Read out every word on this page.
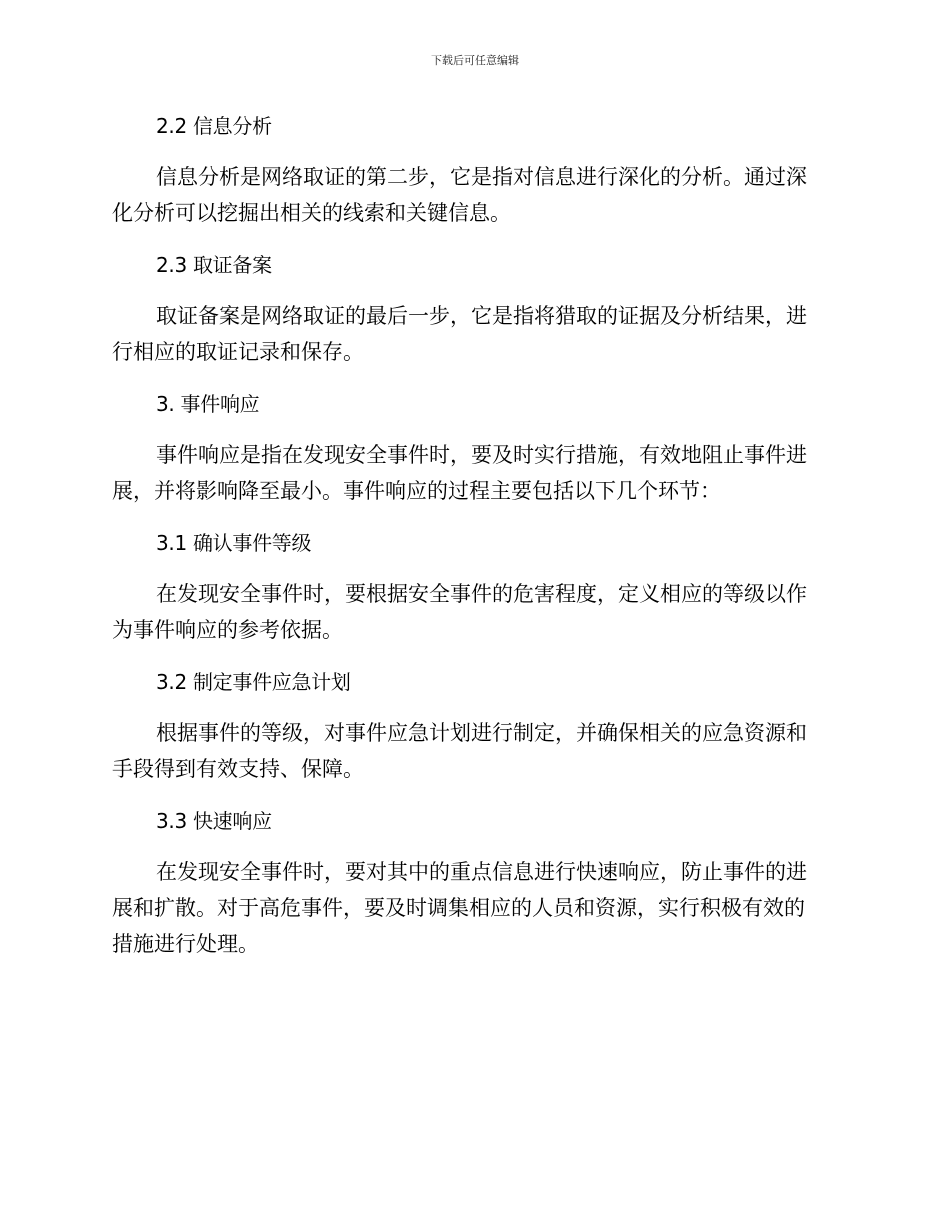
下载后可任意编辑
2.2 信息分析

信息分析是网络取证的第二步，它是指对信息进行深化的分析。通过深
化分析可以挖掘出相关的线索和关键信息。

2.3 取证备案

取证备案是网络取证的最后一步，它是指将猎取的证据及分析结果，进
行相应的取证记录和保存。

3. 事件响应

事件响应是指在发现安全事件时，要及时实行措施，有效地阻止事件进
展，并将影响降至最小。事件响应的过程主要包括以下几个环节：

3.1 确认事件等级

在发现安全事件时，要根据安全事件的危害程度，定义相应的等级以作
为事件响应的参考依据。

3.2 制定事件应急计划

根据事件的等级，对事件应急计划进行制定，并确保相关的应急资源和
手段得到有效支持、保障。

3.3 快速响应

在发现安全事件时，要对其中的重点信息进行快速响应，防止事件的进
展和扩散。对于高危事件，要及时调集相应的人员和资源，实行积极有效的
措施进行处理。
